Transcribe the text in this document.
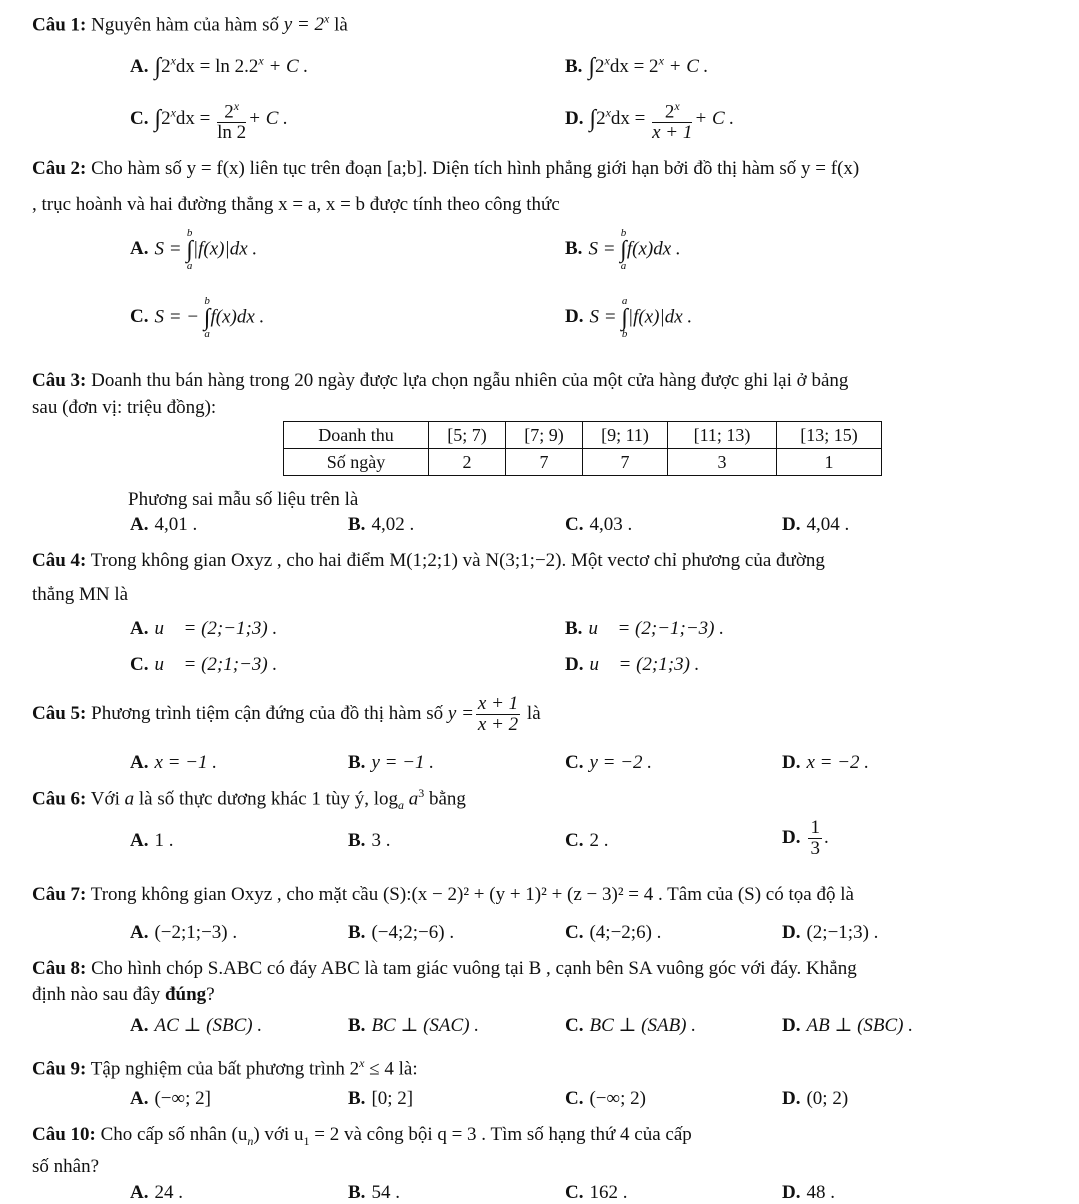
Câu 1: Nguyên hàm của hàm số $y = 2^x$ là
A. $\int 2^xdx = \ln 2.2^x + C$ .	B. $\int 2^xdx = 2^x + C$ .
C. $\int 2^xdx = \frac{2^x}{\ln 2} + C$ .	D. $\int 2^xdx = \frac{2^x}{x + 1} + C$ .
Câu 2: Cho hàm số y = f(x) liên tục trên đoạn [a;b]. Diện tích hình phẳng giới hạn bởi đồ thị hàm số y = f(x)
, trục hoành và hai đường thẳng x = a, x = b được tính theo công thức
A. S =
b
∫
a
|f(x)|dx .	B. S =
b
∫
a
f(x)dx .
C. S = −
b
∫
a
f(x)dx .	D. S =
a
∫
b
|f(x)|dx .
Câu 3: Doanh thu bán hàng trong 20 ngày được lựa chọn ngẫu nhiên của một cửa hàng được ghi lại ở bảng
sau (đơn vị: triệu đồng):
Doanh thu	[5; 7)	[7; 9)	[9; 11)	[11; 13)	[13; 15)
Số ngày	2	7	7	3	1
Phương sai mẫu số liệu trên là
A. 4,01 .	B. 4,02 .	C. 4,03 .	D. 4,04 .
Câu 4: Trong không gian Oxyz , cho hai điểm M(1;2;1) và N(3;1;−2). Một vectơ chỉ phương của đường
thẳng MN là
A. u⃗ = (2;−1;3) .	B. u⃗ = (2;−1;−3) .
C. u⃗ = (2;1;−3) .	D. u⃗ = (2;1;3) .
Câu 5: Phương trình tiệm cận đứng của đồ thị hàm số $y = \frac{x + 1}{x + 2}$ là
A. x = −1 .	B. y = −1 .	C. y = −2 .	D. x = −2 .
Câu 6: Với a là số thực dương khác 1 tùy ý, $\log_a a^3$ bằng
A. 1 .	B. 3 .	C. 2 .	D. $\frac{1}{3}$ .
Câu 7: Trong không gian Oxyz , cho mặt cầu (S):(x − 2)² + (y + 1)² + (z − 3)² = 4 . Tâm của (S) có tọa độ là
A. (−2;1;−3) .	B. (−4;2;−6) .	C. (4;−2;6) .	D. (2;−1;3) .
Câu 8: Cho hình chóp S.ABC có đáy ABC là tam giác vuông tại B , cạnh bên SA vuông góc với đáy. Khẳng
định nào sau đây đúng?
A. AC ⊥ (SBC) .	B. BC ⊥ (SAC) .	C. BC ⊥ (SAB) .	D. AB ⊥ (SBC) .
Câu 9: Tập nghiệm của bất phương trình $2^x \le 4$ là:
A. (−∞; 2]	B. [0; 2]	C. (−∞; 2)	D. (0; 2)
Câu 10: Cho cấp số nhân $(u_n)$ với $u_1 = 2$ và công bội q = 3 . Tìm số hạng thứ 4 của cấp
số nhân?
A. 24 .	B. 54 .	C. 162 .	D. 48 .
